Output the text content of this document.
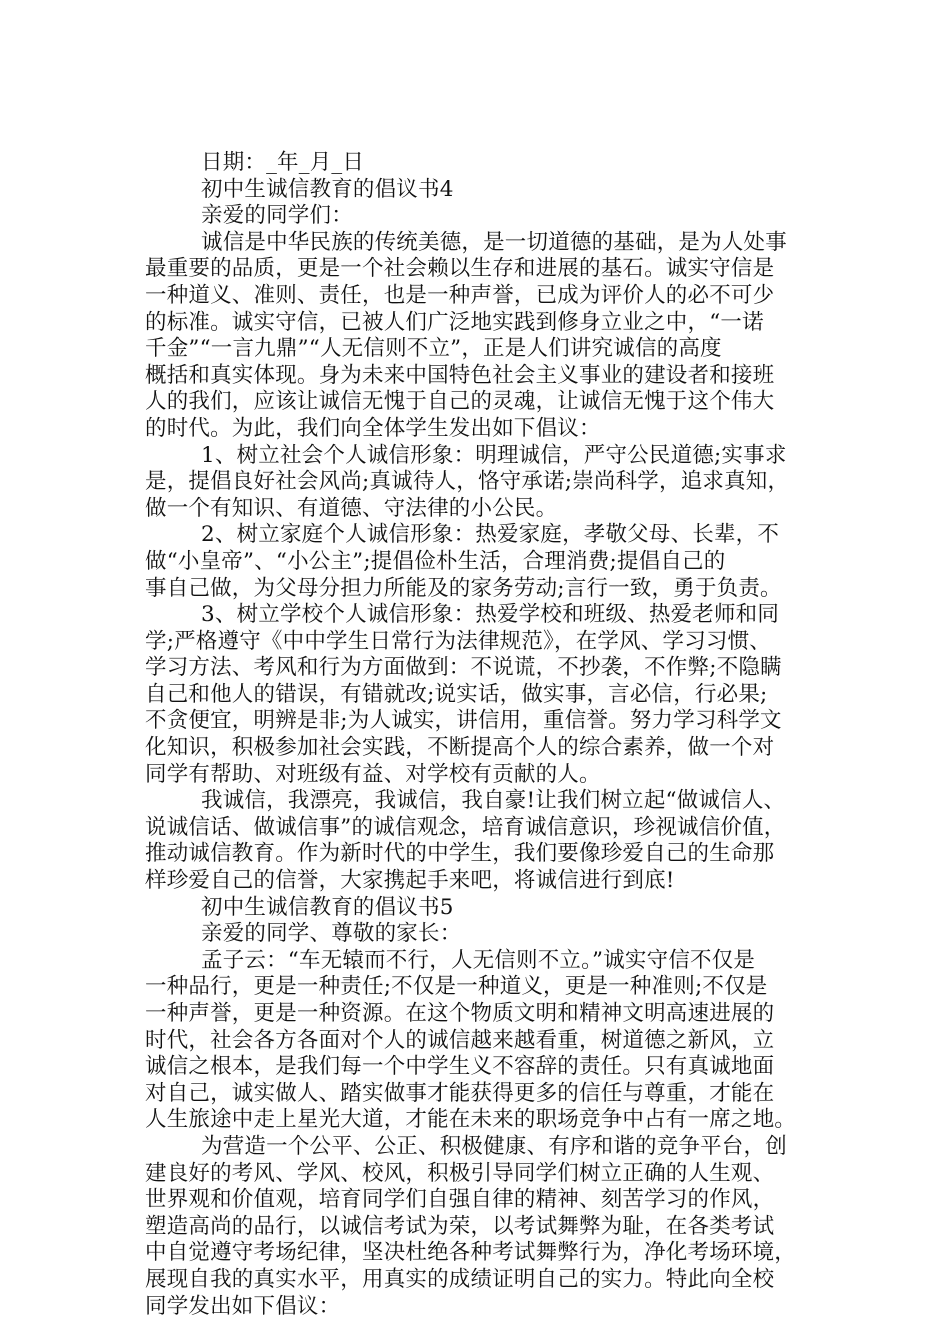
日期：_年_月_日
初中生诚信教育的倡议书4
亲爱的同学们：
诚信是中华民族的传统美德，是一切道德的基础，是为人处事
最重要的品质，更是一个社会赖以生存和进展的基石。诚实守信是
一种道义、准则、责任，也是一种声誉，已成为评价人的必不可少
的标准。诚实守信，已被人们广泛地实践到修身立业之中，“一诺
千金”“一言九鼎”“人无信则不立”，正是人们讲究诚信的高度
概括和真实体现。身为未来中国特色社会主义事业的建设者和接班
人的我们，应该让诚信无愧于自己的灵魂，让诚信无愧于这个伟大
的时代。为此，我们向全体学生发出如下倡议：
1、树立社会个人诚信形象：明理诚信，严守公民道德;实事求
是，提倡良好社会风尚;真诚待人，恪守承诺;崇尚科学，追求真知，
做一个有知识、有道德、守法律的小公民。
2、树立家庭个人诚信形象：热爱家庭，孝敬父母、长辈，不
做“小皇帝”、“小公主”;提倡俭朴生活，合理消费;提倡自己的
事自己做，为父母分担力所能及的家务劳动;言行一致，勇于负责。
3、树立学校个人诚信形象：热爱学校和班级、热爱老师和同
学;严格遵守《中中学生日常行为法律规范》，在学风、学习习惯、
学习方法、考风和行为方面做到：不说谎，不抄袭，不作弊;不隐瞒
自己和他人的错误，有错就改;说实话，做实事，言必信，行必果;
不贪便宜，明辨是非;为人诚实，讲信用，重信誉。努力学习科学文
化知识，积极参加社会实践，不断提高个人的综合素养，做一个对
同学有帮助、对班级有益、对学校有贡献的人。
我诚信，我漂亮，我诚信，我自豪!让我们树立起“做诚信人、
说诚信话、做诚信事”的诚信观念，培育诚信意识，珍视诚信价值，
推动诚信教育。作为新时代的中学生，我们要像珍爱自己的生命那
样珍爱自己的信誉，大家携起手来吧，将诚信进行到底!
初中生诚信教育的倡议书5
亲爱的同学、尊敬的家长：
孟子云：“车无辕而不行，人无信则不立。”诚实守信不仅是
一种品行，更是一种责任;不仅是一种道义，更是一种准则;不仅是
一种声誉，更是一种资源。在这个物质文明和精神文明高速进展的
时代，社会各方各面对个人的诚信越来越看重，树道德之新风，立
诚信之根本，是我们每一个中学生义不容辞的责任。只有真诚地面
对自己，诚实做人、踏实做事才能获得更多的信任与尊重，才能在
人生旅途中走上星光大道，才能在未来的职场竞争中占有一席之地。
为营造一个公平、公正、积极健康、有序和谐的竞争平台，创
建良好的考风、学风、校风，积极引导同学们树立正确的人生观、
世界观和价值观，培育同学们自强自律的精神、刻苦学习的作风，
塑造高尚的品行，以诚信考试为荣，以考试舞弊为耻，在各类考试
中自觉遵守考场纪律，坚决杜绝各种考试舞弊行为，净化考场环境，
展现自我的真实水平，用真实的成绩证明自己的实力。特此向全校
同学发出如下倡议：
